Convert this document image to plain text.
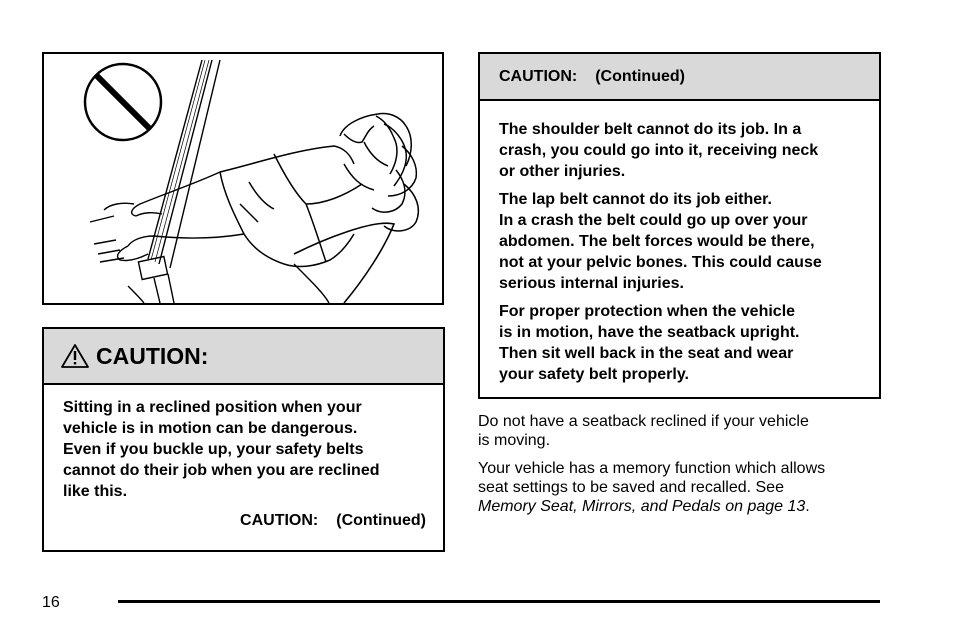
CAUTION:
Sitting in a reclined position when your
vehicle is in motion can be dangerous.
Even if you buckle up, your safety belts
cannot do their job when you are reclined
like this.
CAUTION: (Continued)
CAUTION: (Continued)

The shoulder belt cannot do its job. In a
crash, you could go into it, receiving neck
or other injuries.

The lap belt cannot do its job either.
In a crash the belt could go up over your
abdomen. The belt forces would be there,
not at your pelvic bones. This could cause
serious internal injuries.

For proper protection when the vehicle
is in motion, have the seatback upright.
Then sit well back in the seat and wear
your safety belt properly.

Do not have a seatback reclined if your vehicle
is moving.

Your vehicle has a memory function which allows
seat settings to be saved and recalled. See
Memory Seat, Mirrors, and Pedals on page 13.

16
